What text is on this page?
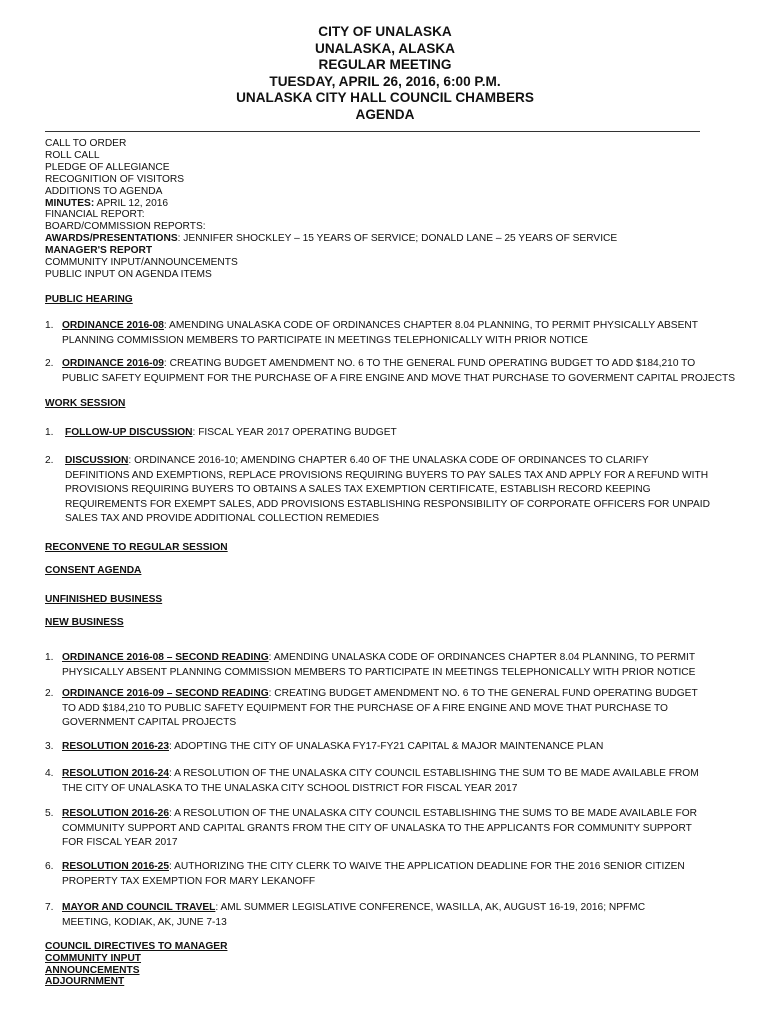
CITY OF UNALASKA
UNALASKA, ALASKA
REGULAR MEETING
TUESDAY, APRIL 26, 2016, 6:00 P.M.
UNALASKA CITY HALL COUNCIL CHAMBERS
AGENDA
CALL TO ORDER
ROLL CALL
PLEDGE OF ALLEGIANCE
RECOGNITION OF VISITORS
ADDITIONS TO AGENDA
MINUTES: APRIL 12, 2016
FINANCIAL REPORT:
BOARD/COMMISSION REPORTS:
AWARDS/PRESENTATIONS: JENNIFER SHOCKLEY – 15 YEARS OF SERVICE; DONALD LANE – 25 YEARS OF SERVICE
MANAGER'S REPORT
COMMUNITY INPUT/ANNOUNCEMENTS
PUBLIC INPUT ON AGENDA ITEMS
PUBLIC HEARING
1. ORDINANCE 2016-08: AMENDING UNALASKA CODE OF ORDINANCES CHAPTER 8.04 PLANNING, TO PERMIT PHYSICALLY ABSENT
PLANNING COMMISSION MEMBERS TO PARTICIPATE IN MEETINGS TELEPHONICALLY WITH PRIOR NOTICE
2. ORDINANCE 2016-09: CREATING BUDGET AMENDMENT NO. 6 TO THE GENERAL FUND OPERATING BUDGET TO ADD $184,210 TO
PUBLIC SAFETY EQUIPMENT FOR THE PURCHASE OF A FIRE ENGINE AND MOVE THAT PURCHASE TO GOVERMENT CAPITAL PROJECTS
WORK SESSION
1. FOLLOW-UP DISCUSSION: FISCAL YEAR 2017 OPERATING BUDGET
2. DISCUSSION: ORDINANCE 2016-10; AMENDING CHAPTER 6.40 OF THE UNALASKA CODE OF ORDINANCES TO CLARIFY
DEFINITIONS AND EXEMPTIONS, REPLACE PROVISIONS REQUIRING BUYERS TO PAY SALES TAX AND APPLY FOR A REFUND WITH
PROVISIONS REQUIRING BUYERS TO OBTAINS A SALES TAX EXEMPTION CERTIFICATE, ESTABLISH RECORD KEEPING
REQUIREMENTS FOR EXEMPT SALES, ADD PROVISIONS ESTABLISHING RESPONSIBILITY OF CORPORATE OFFICERS FOR UNPAID
SALES TAX AND PROVIDE ADDITIONAL COLLECTION REMEDIES
RECONVENE TO REGULAR SESSION
CONSENT AGENDA
UNFINISHED BUSINESS
NEW BUSINESS
1. ORDINANCE 2016-08 – SECOND READING: AMENDING UNALASKA CODE OF ORDINANCES CHAPTER 8.04 PLANNING, TO PERMIT
PHYSICALLY ABSENT PLANNING COMMISSION MEMBERS TO PARTICIPATE IN MEETINGS TELEPHONICALLY WITH PRIOR NOTICE
2. ORDINANCE 2016-09 – SECOND READING: CREATING BUDGET AMENDMENT NO. 6 TO THE GENERAL FUND OPERATING BUDGET
TO ADD $184,210 TO PUBLIC SAFETY EQUIPMENT FOR THE PURCHASE OF A FIRE ENGINE AND MOVE THAT PURCHASE TO
GOVERNMENT CAPITAL PROJECTS
3. RESOLUTION 2016-23: ADOPTING THE CITY OF UNALASKA FY17-FY21 CAPITAL & MAJOR MAINTENANCE PLAN
4. RESOLUTION 2016-24: A RESOLUTION OF THE UNALASKA CITY COUNCIL ESTABLISHING THE SUM TO BE MADE AVAILABLE FROM
THE CITY OF UNALASKA TO THE UNALASKA CITY SCHOOL DISTRICT FOR FISCAL YEAR 2017
5. RESOLUTION 2016-26: A RESOLUTION OF THE UNALASKA CITY COUNCIL ESTABLISHING THE SUMS TO BE MADE AVAILABLE FOR
COMMUNITY SUPPORT AND CAPITAL GRANTS FROM THE CITY OF UNALASKA TO THE APPLICANTS FOR COMMUNITY SUPPORT
FOR FISCAL YEAR 2017
6. RESOLUTION 2016-25: AUTHORIZING THE CITY CLERK TO WAIVE THE APPLICATION DEADLINE FOR THE 2016 SENIOR CITIZEN
PROPERTY TAX EXEMPTION FOR MARY LEKANOFF
7. MAYOR AND COUNCIL TRAVEL: AML SUMMER LEGISLATIVE CONFERENCE, WASILLA, AK, AUGUST 16-19, 2016; NPFMC
MEETING, KODIAK, AK, JUNE 7-13
COUNCIL DIRECTIVES TO MANAGER
COMMUNITY INPUT
ANNOUNCEMENTS
ADJOURNMENT
